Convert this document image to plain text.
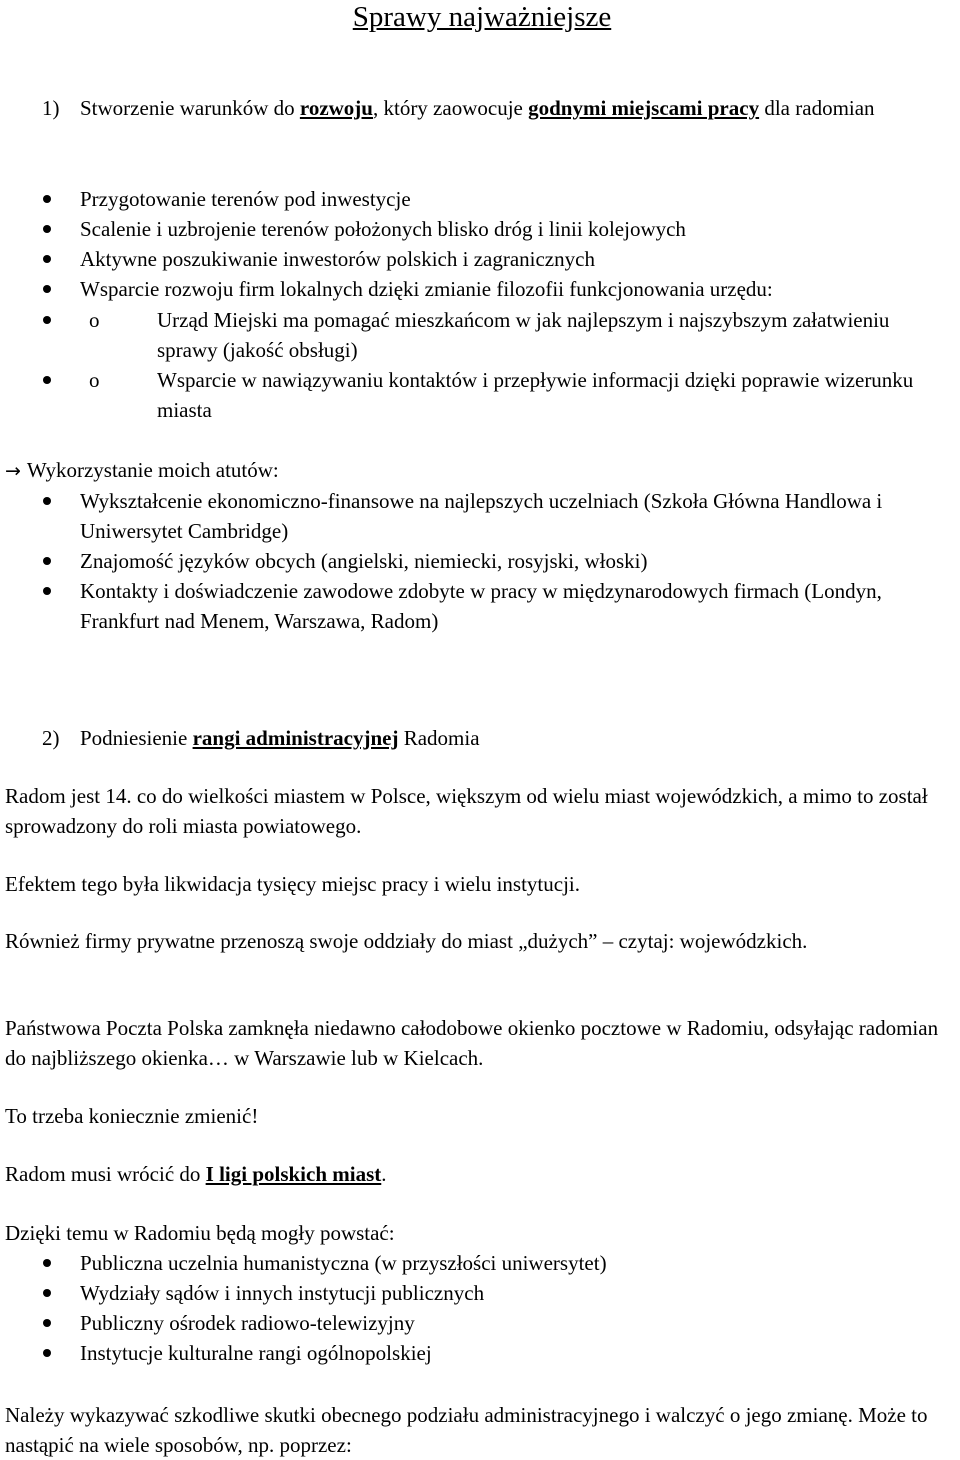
Sprawy najważniejsze
1) Stworzenie warunków do rozwoju, który zaowocuje godnymi miejscami pracy dla radomian
Przygotowanie terenów pod inwestycje
Scalenie i uzbrojenie terenów położonych blisko dróg i linii kolejowych
Aktywne poszukiwanie inwestorów polskich i zagranicznych
Wsparcie rozwoju firm lokalnych dzięki zmianie filozofii funkcjonowania urzędu:
o	Urząd Miejski ma pomagać mieszkańcom w jak najlepszym i najszybszym załatwieniu sprawy (jakość obsługi)
o	Wsparcie w nawiązywaniu kontaktów i przepływie informacji dzięki poprawie wizerunku miasta
→ Wykorzystanie moich atutów:
Wykształcenie ekonomiczno-finansowe na najlepszych uczelniach (Szkoła Główna Handlowa i Uniwersytet Cambridge)
Znajomość języków obcych (angielski, niemiecki, rosyjski, włoski)
Kontakty i doświadczenie zawodowe zdobyte w pracy w międzynarodowych firmach (Londyn, Frankfurt nad Menem, Warszawa, Radom)
2) Podniesienie rangi administracyjnej Radomia

Radom jest 14. co do wielkości miastem w Polsce, większym od wielu miast wojewódzkich, a mimo to został sprowadzony do roli miasta powiatowego.

Efektem tego była likwidacja tysięcy miejsc pracy i wielu instytucji.

Również firmy prywatne przenoszą swoje oddziały do miast „dużych” – czytaj: wojewódzkich.

Państwowa Poczta Polska zamknęła niedawno całodobowe okienko pocztowe w Radomiu, odsyłając radomian do najbliższego okienka… w Warszawie lub w Kielcach.

To trzeba koniecznie zmienić!

Radom musi wrócić do I ligi polskich miast.

Dzięki temu w Radomiu będą mogły powstać:

Publiczna uczelnia humanistyczna (w przyszłości uniwersytet)
Wydziały sądów i innych instytucji publicznych
Publiczny ośrodek radiowo-telewizyjny
Instytucje kulturalne rangi ogólnopolskiej

Należy wykazywać szkodliwe skutki obecnego podziału administracyjnego i walczyć o jego zmianę. Może to nastąpić na wiele sposobów, np. poprzez:
